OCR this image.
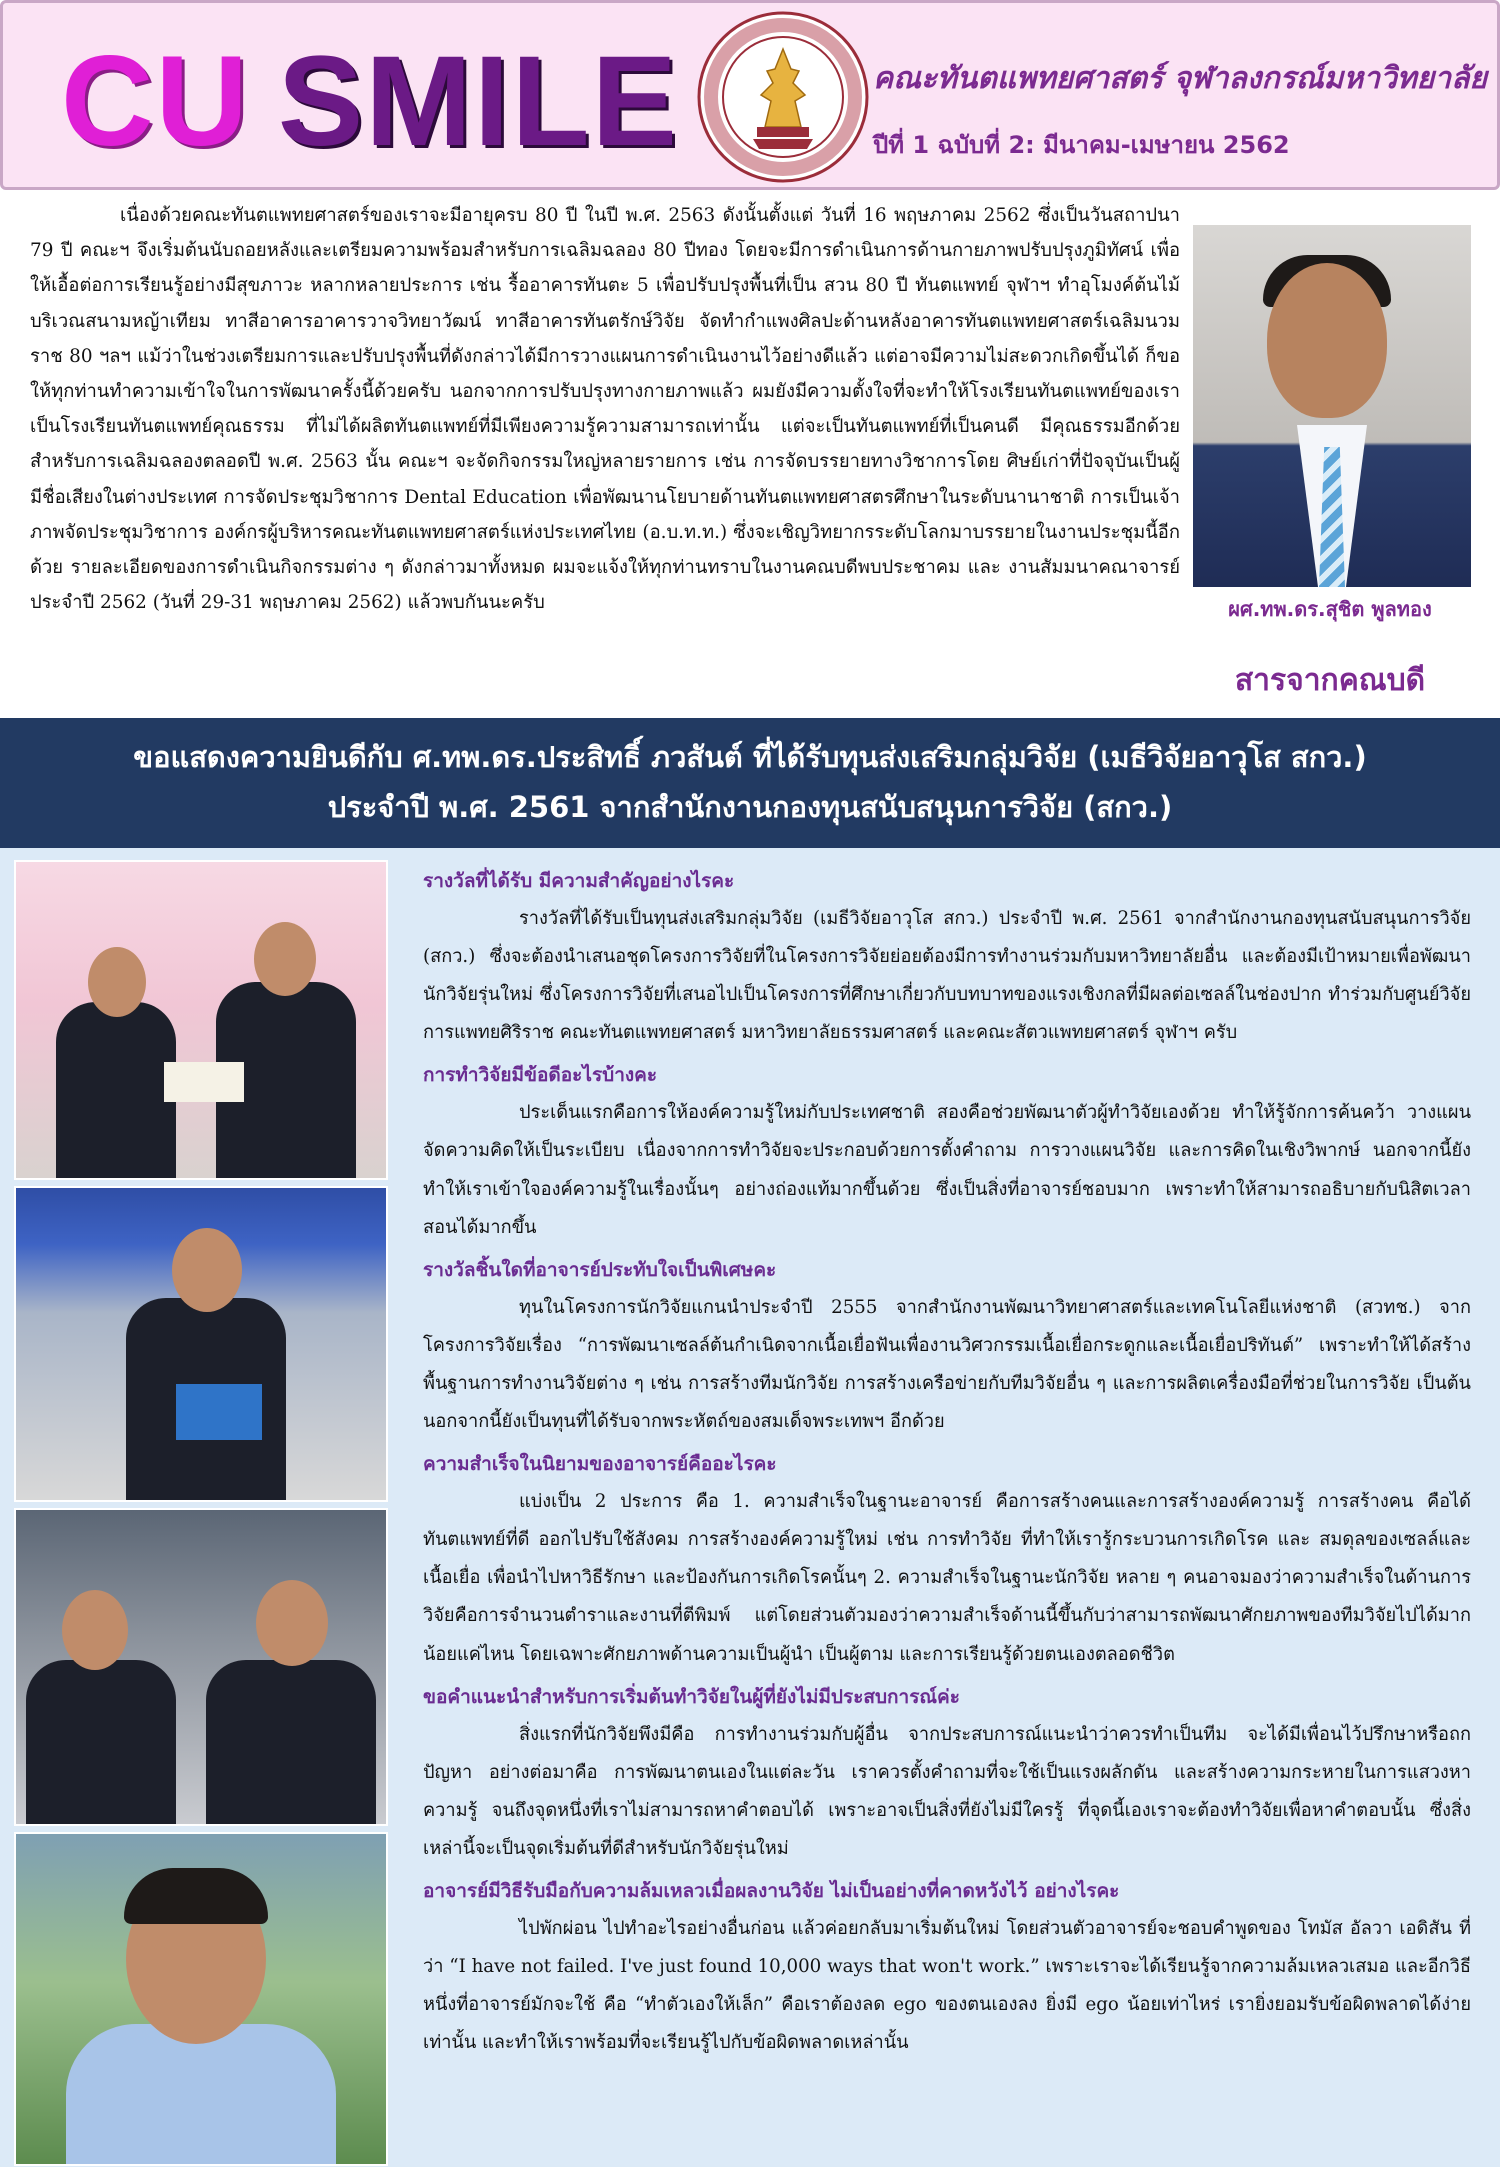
CU SMILE	คณะทันตแพทยศาสตร์ จุฬาลงกรณ์มหาวิทยาลัย
ปีที่ 1 ฉบับที่ 2: มีนาคม-เมษายน 2562

เนื่องด้วยคณะทันตแพทยศาสตร์ของเราจะมีอายุครบ 80 ปี ในปี พ.ศ. 2563 ดังนั้นตั้งแต่ วันที่ 16 พฤษภาคม 2562 ซึ่งเป็นวันสถาปนา 79 ปี คณะฯ จึงเริ่มต้นนับถอยหลังและเตรียมความพร้อมสำหรับการเฉลิมฉลอง 80 ปีทอง โดยจะมีการดำเนินการด้านกายภาพปรับปรุงภูมิทัศน์ เพื่อให้เอื้อต่อการเรียนรู้อย่างมีสุขภาวะ หลากหลายประการ เช่น รื้ออาคารทันตะ 5 เพื่อปรับปรุงพื้นที่เป็น สวน 80 ปี ทันตแพทย์ จุฬาฯ ทำอุโมงค์ต้นไม้บริเวณสนามหญ้าเทียม ทาสีอาคารอาคารวาจวิทยาวัฒน์ ทาสีอาคารทันตรักษ์วิจัย จัดทำกำแพงศิลปะด้านหลังอาคารทันตแพทยศาสตร์เฉลิมนวมราช 80 ฯลฯ แม้ว่าในช่วงเตรียมการและปรับปรุงพื้นที่ดังกล่าวได้มีการวางแผนการดำเนินงานไว้อย่างดีแล้ว แต่อาจมีความไม่สะดวกเกิดขึ้นได้ ก็ขอให้ทุกท่านทำความเข้าใจในการพัฒนาครั้งนี้ด้วยครับ นอกจากการปรับปรุงทางกายภาพแล้ว ผมยังมีความตั้งใจที่จะทำให้โรงเรียนทันตแพทย์ของเราเป็นโรงเรียนทันตแพทย์คุณธรรม ที่ไม่ได้ผลิตทันตแพทย์ที่มีเพียงความรู้ความสามารถเท่านั้น แต่จะเป็นทันตแพทย์ที่เป็นคนดี มีคุณธรรมอีกด้วย สำหรับการเฉลิมฉลองตลอดปี พ.ศ. 2563 นั้น คณะฯ จะจัดกิจกรรมใหญ่หลายรายการ เช่น การจัดบรรยายทางวิชาการโดย ศิษย์เก่าที่ปัจจุบันเป็นผู้มีชื่อเสียงในต่างประเทศ การจัดประชุมวิชาการ Dental Education เพื่อพัฒนานโยบายด้านทันตแพทยศาสตรศึกษาในระดับนานาชาติ การเป็นเจ้าภาพจัดประชุมวิชาการ องค์กรผู้บริหารคณะทันตแพทยศาสตร์แห่งประเทศไทย (อ.บ.ท.ท.) ซึ่งจะเชิญวิทยากรระดับโลกมาบรรยายในงานประชุมนี้อีกด้วย รายละเอียดของการดำเนินกิจกรรมต่าง ๆ ดังกล่าวมาทั้งหมด ผมจะแจ้งให้ทุกท่านทราบในงานคณบดีพบประชาคม และ งานสัมมนาคณาจารย์ ประจำปี 2562 (วันที่ 29-31 พฤษภาคม 2562) แล้วพบกันนะครับ	ผศ.ทพ.ดร.สุชิต พูลทอง
สารจากคณบดี
ขอแสดงความยินดีกับ ศ.ทพ.ดร.ประสิทธิ์ ภวสันต์ ที่ได้รับทุนส่งเสริมกลุ่มวิจัย (เมธีวิจัยอาวุโส สกว.)
ประจำปี พ.ศ. 2561 จากสำนักงานกองทุนสนับสนุนการวิจัย (สกว.)
รางวัลที่ได้รับ มีความสำคัญอย่างไรคะ

รางวัลที่ได้รับเป็นทุนส่งเสริมกลุ่มวิจัย (เมธีวิจัยอาวุโส สกว.) ประจำปี พ.ศ. 2561 จากสำนักงานกองทุนสนับสนุนการวิจัย (สกว.) ซึ่งจะต้องนำเสนอชุดโครงการวิจัยที่ในโครงการวิจัยย่อยต้องมีการทำงานร่วมกับมหาวิทยาลัยอื่น และต้องมีเป้าหมายเพื่อพัฒนานักวิจัยรุ่นใหม่ ซึ่งโครงการวิจัยที่เสนอไปเป็นโครงการที่ศึกษาเกี่ยวกับบทบาทของแรงเชิงกลที่มีผลต่อเซลล์ในช่องปาก ทำร่วมกับศูนย์วิจัยการแพทยศิริราช คณะทันตแพทยศาสตร์ มหาวิทยาลัยธรรมศาสตร์ และคณะสัตวแพทยศาสตร์ จุฬาฯ ครับ

การทำวิจัยมีข้อดีอะไรบ้างคะ

ประเด็นแรกคือการให้องค์ความรู้ใหม่กับประเทศชาติ สองคือช่วยพัฒนาตัวผู้ทำวิจัยเองด้วย ทำให้รู้จักการค้นคว้า วางแผน จัดความคิดให้เป็นระเบียบ เนื่องจากการทำวิจัยจะประกอบด้วยการตั้งคำถาม การวางแผนวิจัย และการคิดในเชิงวิพากษ์ นอกจากนี้ยังทำให้เราเข้าใจองค์ความรู้ในเรื่องนั้นๆ อย่างถ่องแท้มากขึ้นด้วย ซึ่งเป็นสิ่งที่อาจารย์ชอบมาก เพราะทำให้สามารถอธิบายกับนิสิตเวลาสอนได้มากขึ้น

รางวัลชิ้นใดที่อาจารย์ประทับใจเป็นพิเศษคะ

ทุนในโครงการนักวิจัยแกนนำประจำปี 2555 จากสำนักงานพัฒนาวิทยาศาสตร์และเทคโนโลยีแห่งชาติ (สวทช.) จากโครงการวิจัยเรื่อง “การพัฒนาเซลล์ต้นกำเนิดจากเนื้อเยื่อฟันเพื่องานวิศวกรรมเนื้อเยื่อกระดูกและเนื้อเยื่อปริทันต์” เพราะทำให้ได้สร้างพื้นฐานการทำงานวิจัยต่าง ๆ เช่น การสร้างทีมนักวิจัย การสร้างเครือข่ายกับทีมวิจัยอื่น ๆ และการผลิตเครื่องมือที่ช่วยในการวิจัย เป็นต้น นอกจากนี้ยังเป็นทุนที่ได้รับจากพระหัตถ์ของสมเด็จพระเทพฯ อีกด้วย

ความสำเร็จในนิยามของอาจารย์คืออะไรคะ

แบ่งเป็น 2 ประการ คือ 1. ความสำเร็จในฐานะอาจารย์ คือการสร้างคนและการสร้างองค์ความรู้ การสร้างคน คือได้ทันตแพทย์ที่ดี ออกไปรับใช้สังคม การสร้างองค์ความรู้ใหม่ เช่น การทำวิจัย ที่ทำให้เรารู้กระบวนการเกิดโรค และ สมดุลของเซลล์และเนื้อเยื่อ เพื่อนำไปหาวิธีรักษา และป้องกันการเกิดโรคนั้นๆ 2. ความสำเร็จในฐานะนักวิจัย หลาย ๆ คนอาจมองว่าความสำเร็จในด้านการวิจัยคือการจำนวนตำราและงานที่ตีพิมพ์ แต่โดยส่วนตัวมองว่าความสำเร็จด้านนี้ขึ้นกับว่าสามารถพัฒนาศักยภาพของทีมวิจัยไปได้มากน้อยแค่ไหน โดยเฉพาะศักยภาพด้านความเป็นผู้นำ เป็นผู้ตาม และการเรียนรู้ด้วยตนเองตลอดชีวิต

ขอคำแนะนำสำหรับการเริ่มต้นทำวิจัยในผู้ที่ยังไม่มีประสบการณ์ค่ะ

สิ่งแรกที่นักวิจัยพึงมีคือ การทำงานร่วมกับผู้อื่น จากประสบการณ์แนะนำว่าควรทำเป็นทีม จะได้มีเพื่อนไว้ปรึกษาหรือถกปัญหา อย่างต่อมาคือ การพัฒนาตนเองในแต่ละวัน เราควรตั้งคำถามที่จะใช้เป็นแรงผลักดัน และสร้างความกระหายในการแสวงหาความรู้ จนถึงจุดหนึ่งที่เราไม่สามารถหาคำตอบได้ เพราะอาจเป็นสิ่งที่ยังไม่มีใครรู้ ที่จุดนี้เองเราจะต้องทำวิจัยเพื่อหาคำตอบนั้น ซึ่งสิ่งเหล่านี้จะเป็นจุดเริ่มต้นที่ดีสำหรับนักวิจัยรุ่นใหม่

อาจารย์มีวิธีรับมือกับความล้มเหลวเมื่อผลงานวิจัย ไม่เป็นอย่างที่คาดหวังไว้ อย่างไรคะ

ไปพักผ่อน ไปทำอะไรอย่างอื่นก่อน แล้วค่อยกลับมาเริ่มต้นใหม่ โดยส่วนตัวอาจารย์จะชอบคำพูดของ โทมัส อัลวา เอดิสัน ที่ว่า “I have not failed. I've just found 10,000 ways that won't work.” เพราะเราจะได้เรียนรู้จากความล้มเหลวเสมอ และอีกวิธีหนึ่งที่อาจารย์มักจะใช้ คือ “ทำตัวเองให้เล็ก” คือเราต้องลด ego ของตนเองลง ยิ่งมี ego น้อยเท่าไหร่ เรายิ่งยอมรับข้อผิดพลาดได้ง่ายเท่านั้น และทำให้เราพร้อมที่จะเรียนรู้ไปกับข้อผิดพลาดเหล่านั้น
